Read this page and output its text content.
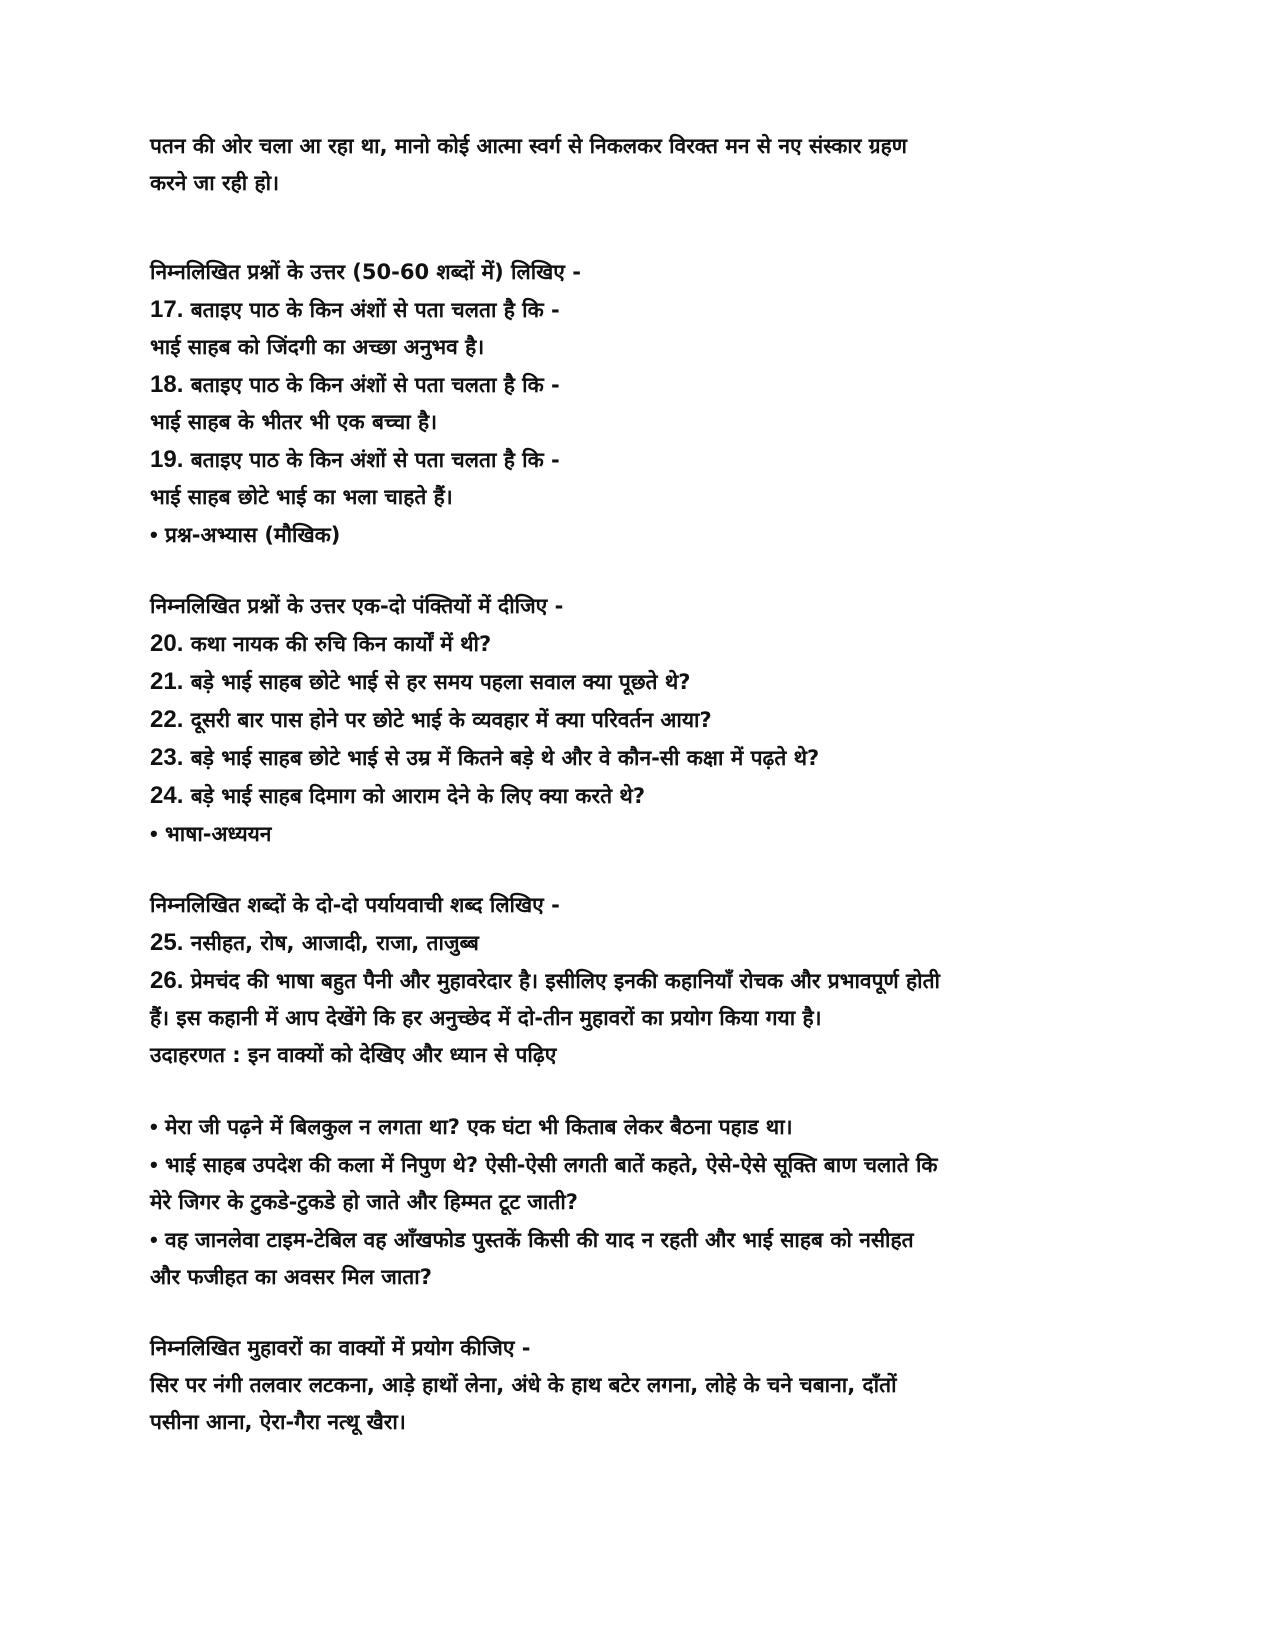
पतन की ओर चला आ रहा था, मानो कोई आत्मा स्वर्ग से निकलकर विरक्त मन से नए संस्कार ग्रहण
करने जा रही हो।
निम्नलिखित प्रश्नों के उत्तर (50-60 शब्दों में) लिखिए -
17. बताइए पाठ के किन अंशों से पता चलता है कि -
भाई साहब को जिंदगी का अच्छा अनुभव है।
18. बताइए पाठ के किन अंशों से पता चलता है कि -
भाई साहब के भीतर भी एक बच्चा है।
19. बताइए पाठ के किन अंशों से पता चलता है कि -
भाई साहब छोटे भाई का भला चाहते हैं।
• प्रश्न-अभ्यास (मौखिक)
निम्नलिखित प्रश्नों के उत्तर एक-दो पंक्तियों में दीजिए -
20. कथा नायक की रुचि किन कार्यों में थी?
21. बड़े भाई साहब छोटे भाई से हर समय पहला सवाल क्या पूछते थे?
22. दूसरी बार पास होने पर छोटे भाई के व्यवहार में क्या परिवर्तन आया?
23. बड़े भाई साहब छोटे भाई से उम्र में कितने बड़े थे और वे कौन-सी कक्षा में पढ़ते थे?
24. बड़े भाई साहब दिमाग को आराम देने के लिए क्या करते थे?
• भाषा-अध्ययन
निम्नलिखित शब्दों के दो-दो पर्यायवाची शब्द लिखिए -
25. नसीहत, रोष, आजादी, राजा, ताजुब्ब
26. प्रेमचंद की भाषा बहुत पैनी और मुहावरेदार है। इसीलिए इनकी कहानियाँ रोचक और प्रभावपूर्ण होती
हैं। इस कहानी में आप देखेंगे कि हर अनुच्छेद में दो-तीन मुहावरों का प्रयोग किया गया है।
उदाहरणत : इन वाक्यों को देखिए और ध्यान से पढ़िए
• मेरा जी पढ़ने में बिलकुल न लगता था? एक घंटा भी किताब लेकर बैठना पहाड था।
• भाई साहब उपदेश की कला में निपुण थे? ऐसी-ऐसी लगती बातें कहते, ऐसे-ऐसे सूक्ति बाण चलाते कि
मेरे जिगर के टुकडे-टुकडे हो जाते और हिम्मत टूट जाती?
• वह जानलेवा टाइम-टेबिल वह आँखफोड पुस्तकें किसी की याद न रहती और भाई साहब को नसीहत
और फजीहत का अवसर मिल जाता?
निम्नलिखित मुहावरों का वाक्यों में प्रयोग कीजिए -
सिर पर नंगी तलवार लटकना, आड़े हाथों लेना, अंधे के हाथ बटेर लगना, लोहे के चने चबाना, दाँतों
पसीना आना, ऐरा-गैरा नत्थू खैरा।
